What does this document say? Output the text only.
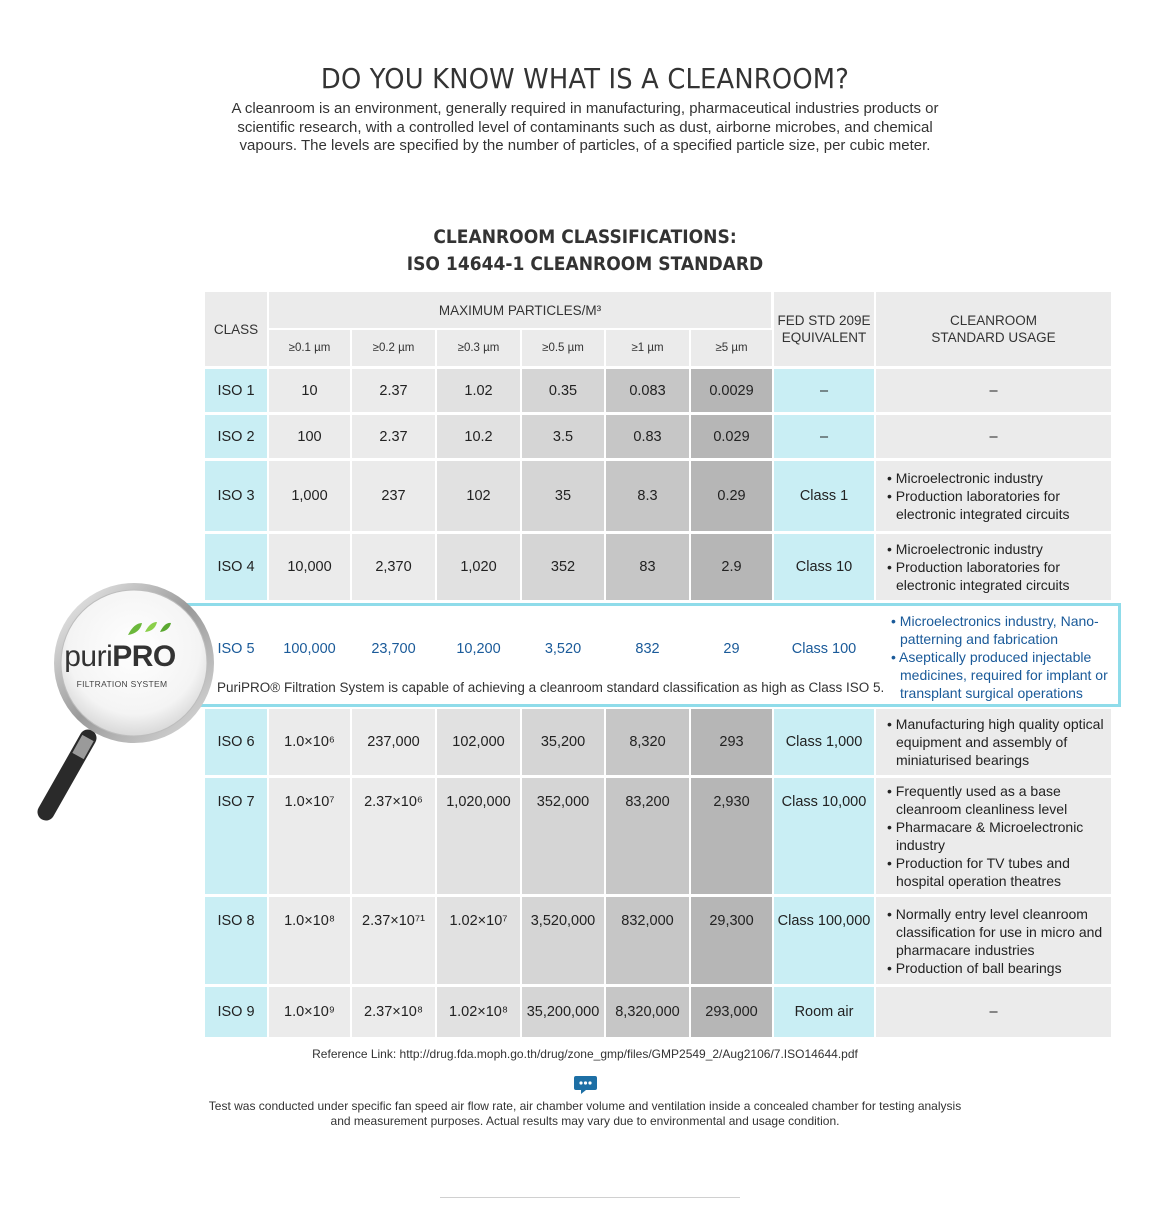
DO YOU KNOW WHAT IS A CLEANROOM?

A cleanroom is an environment, generally required in manufacturing, pharmaceutical industries products or scientific research, with a controlled level of contaminants such as dust, airborne microbes, and chemical vapours. The levels are specified by the number of particles, of a specified particle size, per cubic meter.

CLEANROOM CLASSIFICATIONS:
ISO 14644-1 CLEANROOM STANDARD
CLASS
MAXIMUM PARTICLES/M³
≥0.1 µm	≥0.2 µm	≥0.3 µm	≥0.5 µm	≥1 µm	≥5 µm
FED STD 209E
EQUIVALENT
CLEANROOM
STANDARD USAGE
ISO 1	10	2.37	1.02	0.35	0.083	0.0029	–	–
ISO 2	100	2.37	10.2	3.5	0.83	0.029	–	–
ISO 3	1,000	237	102	35	8.3	0.29	Class 1
• Microelectronic industry
• Production laboratories for electronic integrated circuits
ISO 4	10,000	2,370	1,020	352	83	2.9	Class 10
• Microelectronic industry
• Production laboratories for electronic integrated circuits
ISO 6	1.0×10⁶	237,000	102,000	35,200	8,320	293	Class 1,000
• Manufacturing high quality optical equipment and assembly of miniaturised bearings
ISO 7	1.0×10⁷	2.37×10⁶	1,020,000	352,000	83,200	2,930	Class 10,000
• Frequently used as a base cleanroom cleanliness level
• Pharmacare & Microelectronic industry
• Production for TV tubes and hospital operation theatres
ISO 8	1.0×10⁸	2.37×10⁷¹	1.02×10⁷	3,520,000	832,000	29,300	Class 100,000 • Normally entry level cleanroom classification for use in micro and pharmacare industries
• Production of ball bearings
ISO 9	1.0×10⁹	2.37×10⁸	1.02×10⁸	35,200,000	8,320,000	293,000	Room air	–
ISO 5	100,000	23,700	10,200	3,520	832	29	Class 100
• Microelectronics industry, Nano-patterning and fabrication
• Aseptically produced injectable medicines, required for implant or transplant surgical operations
PuriPRO® Filtration System is capable of achieving a cleanroom standard classification as high as Class ISO 5.
puriPRO
FILTRATION SYSTEM
Reference Link: http://drug.fda.moph.go.th/drug/zone_gmp/files/GMP2549_2/Aug2106/7.ISO14644.pdf
Test was conducted under specific fan speed air flow rate, air chamber volume and ventilation inside a concealed chamber for testing analysis and measurement purposes. Actual results may vary due to environmental and usage condition.
